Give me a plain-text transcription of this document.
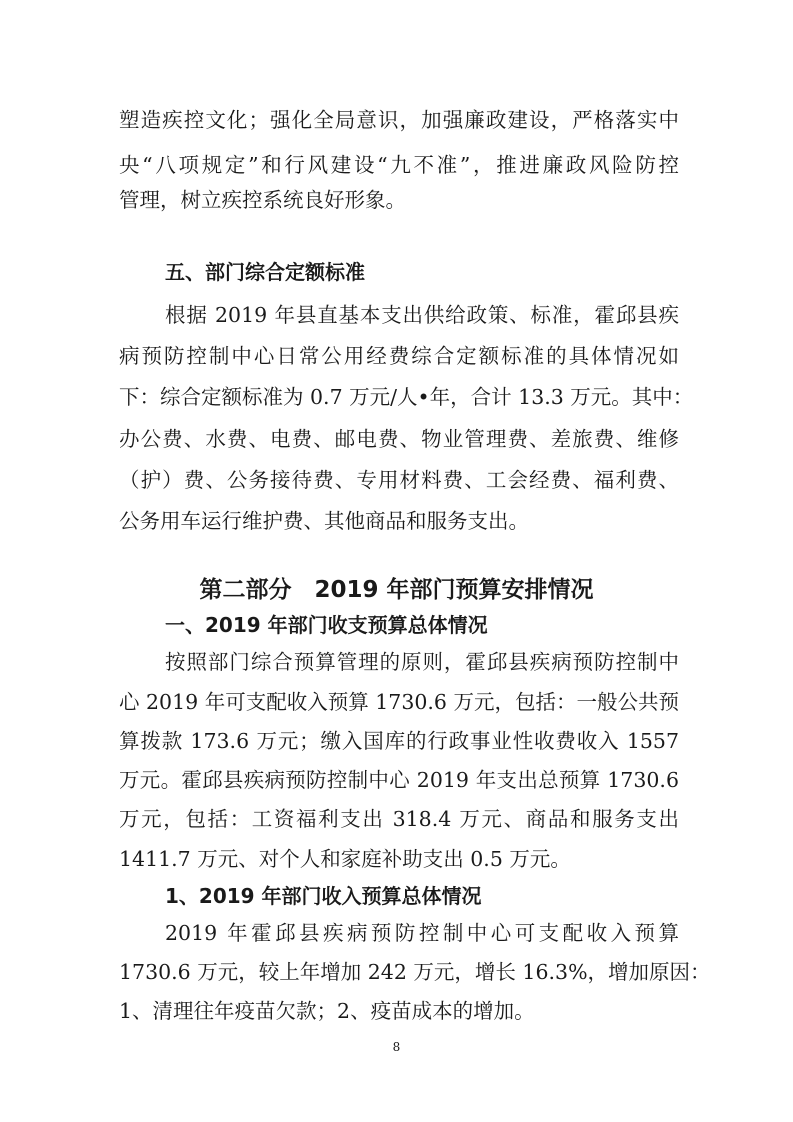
塑造疾控文化；强化全局意识，加强廉政建设，严格落实中
央“八项规定”和行风建设“九不准”，推进廉政风险防控
管理，树立疾控系统良好形象。
五、部门综合定额标准
根据 2019 年县直基本支出供给政策、标准，霍邱县疾
病预防控制中心日常公用经费综合定额标准的具体情况如
下：综合定额标准为 0.7 万元/人•年，合计 13.3 万元。其中：
办公费、水费、电费、邮电费、物业管理费、差旅费、维修
（护）费、公务接待费、专用材料费、工会经费、福利费、
公务用车运行维护费、其他商品和服务支出。
第二部分　2019 年部门预算安排情况
一、2019 年部门收支预算总体情况
按照部门综合预算管理的原则，霍邱县疾病预防控制中
心 2019 年可支配收入预算 1730.6 万元，包括：一般公共预
算拨款 173.6 万元；缴入国库的行政事业性收费收入 1557
万元。霍邱县疾病预防控制中心 2019 年支出总预算 1730.6
万元，包括：工资福利支出 318.4 万元、商品和服务支出
1411.7 万元、对个人和家庭补助支出 0.5 万元。
1、2019 年部门收入预算总体情况
2019 年霍邱县疾病预防控制中心可支配收入预算
1730.6 万元，较上年增加 242 万元，增长 16.3%，增加原因：
1、清理往年疫苗欠款；2、疫苗成本的增加。
8
